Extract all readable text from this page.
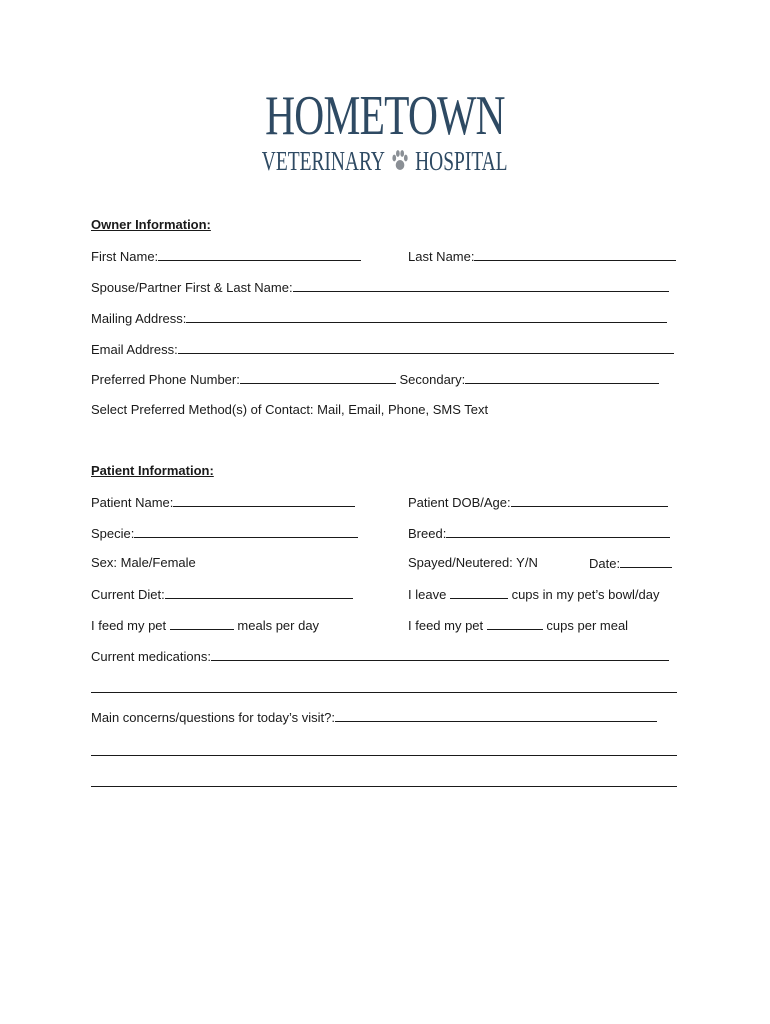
HOMETOWN
VETERINARY HOSPITAL
Owner Information:
First Name:	Last Name:
Spouse/Partner First & Last Name:
Mailing Address:
Email Address:
Preferred Phone Number:	Secondary:
Select Preferred Method(s) of Contact: Mail, Email, Phone, SMS Text
Patient Information:
Patient Name:	Patient DOB/Age:
Specie:	Breed:
Sex: Male/Female	Spayed/Neutered: Y/N	Date:
Current Diet:	I leave	cups in my pet’s bowl/day
I feed my pet	meals per day	I feed my pet	cups per meal
Current medications:
Main concerns/questions for today’s visit?:
